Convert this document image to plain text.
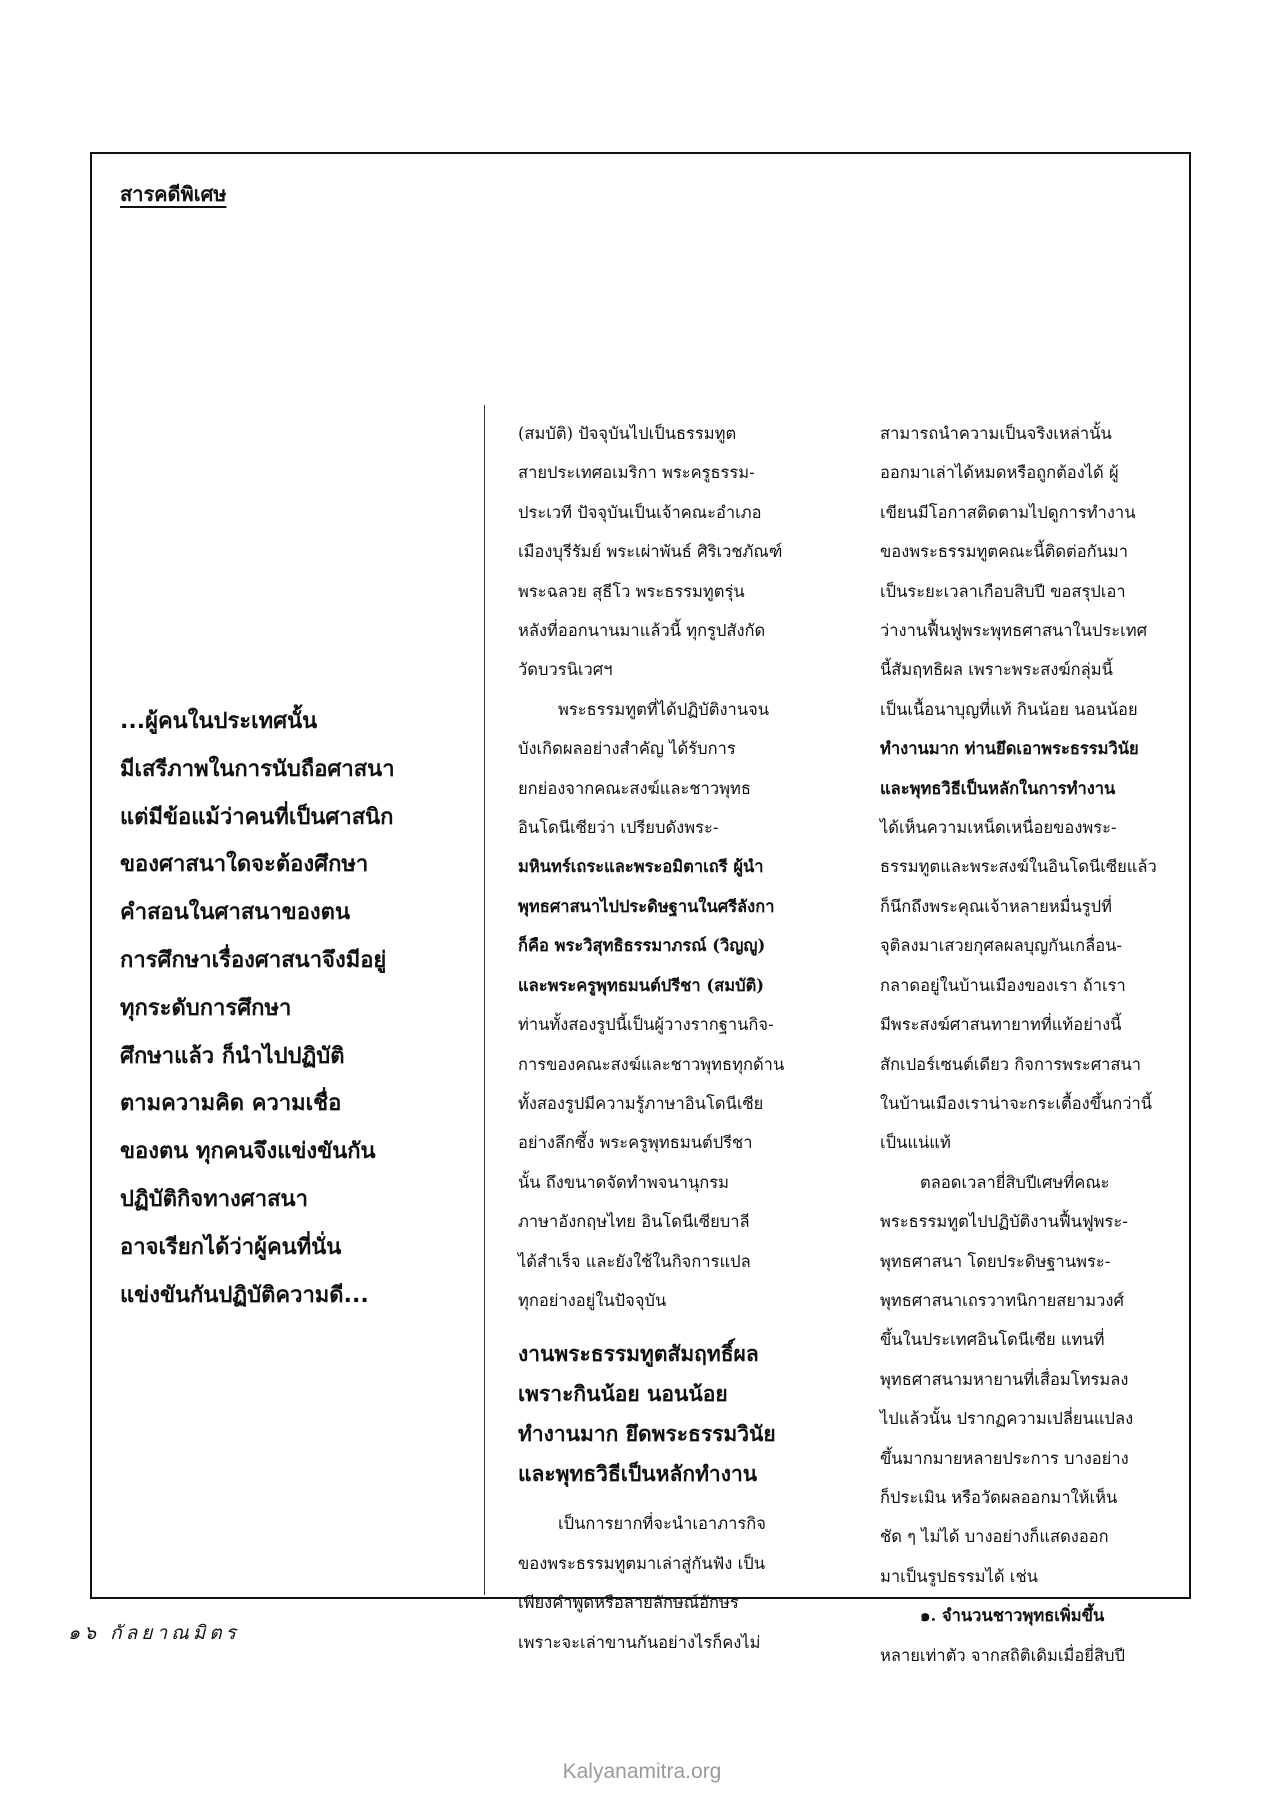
สารคดีพิเศษ
...ผู้คนในประเทศนั้น
มีเสรีภาพในการนับถือศาสนา
แต่มีข้อแม้ว่าคนที่เป็นศาสนิก
ของศาสนาใดจะต้องศึกษา
คำสอนในศาสนาของตน
การศึกษาเรื่องศาสนาจึงมีอยู่
ทุกระดับการศึกษา
ศึกษาแล้ว ก็นำไปปฏิบัติ
ตามความคิด ความเชื่อ
ของตน ทุกคนจึงแข่งขันกัน
ปฏิบัติกิจทางศาสนา
อาจเรียกได้ว่าผู้คนที่นั่น
แข่งขันกันปฏิบัติความดี...
(สมบัติ) ปัจจุบันไปเป็นธรรมทูต
สายประเทศอเมริกา พระครูธรรม-
ประเวที ปัจจุบันเป็นเจ้าคณะอำเภอ
เมืองบุรีรัมย์ พระเผ่าพันธ์ ศิริเวชภัณฑ์
พระฉลวย สุธีโว พระธรรมทูตรุ่น
หลังที่ออกนานมาแล้วนี้ ทุกรูปสังกัด
วัดบวรนิเวศฯ
พระธรรมทูตที่ได้ปฏิบัติงานจน
บังเกิดผลอย่างสำคัญ ได้รับการ
ยกย่องจากคณะสงฆ์และชาวพุทธ
อินโดนีเซียว่า เปรียบดังพระ-
มหินทร์เถระและพระอมิตาเถรี ผู้นำ
พุทธศาสนาไปประดิษฐานในศรีลังกา
ก็คือ พระวิสุทธิธรรมาภรณ์ (วิญญู)
และพระครูพุทธมนต์ปรีชา (สมบัติ)
ท่านทั้งสองรูปนี้เป็นผู้วางรากฐานกิจ-
การของคณะสงฆ์และชาวพุทธทุกด้าน
ทั้งสองรูปมีความรู้ภาษาอินโดนีเซีย
อย่างลึกซึ้ง พระครูพุทธมนต์ปรีชา
นั้น ถึงขนาดจัดทำพจนานุกรม
ภาษาอังกฤษไทย อินโดนีเซียบาลี
ได้สำเร็จ และยังใช้ในกิจการแปล
ทุกอย่างอยู่ในปัจจุบัน
งานพระธรรมทูตสัมฤทธิ์ผล
เพราะกินน้อย นอนน้อย
ทำงานมาก ยึดพระธรรมวินัย
และพุทธวิธีเป็นหลักทำงาน
เป็นการยากที่จะนำเอาภารกิจ
ของพระธรรมทูตมาเล่าสู่กันฟัง เป็น
เพียงคำพูดหรือลายลักษณ์อักษร
เพราะจะเล่าขานกันอย่างไรก็คงไม่
สามารถนำความเป็นจริงเหล่านั้น
ออกมาเล่าได้หมดหรือถูกต้องได้ ผู้
เขียนมีโอกาสติดตามไปดูการทำงาน
ของพระธรรมทูตคณะนี้ติดต่อกันมา
เป็นระยะเวลาเกือบสิบปี ขอสรุปเอา
ว่างานฟื้นฟูพระพุทธศาสนาในประเทศ
นี้สัมฤทธิผล เพราะพระสงฆ์กลุ่มนี้
เป็นเนื้อนาบุญที่แท้ กินน้อย นอนน้อย
ทำงานมาก ท่านยึดเอาพระธรรมวินัย
และพุทธวิธีเป็นหลักในการทำงาน
ได้เห็นความเหน็ดเหนื่อยของพระ-
ธรรมทูตและพระสงฆ์ในอินโดนีเซียแล้ว
ก็นึกถึงพระคุณเจ้าหลายหมื่นรูปที่
จุติลงมาเสวยกุศลผลบุญกันเกลื่อน-
กลาดอยู่ในบ้านเมืองของเรา ถ้าเรา
มีพระสงฆ์ศาสนทายาทที่แท้อย่างนี้
สักเปอร์เซนต์เดียว กิจการพระศาสนา
ในบ้านเมืองเราน่าจะกระเตื้องขึ้นกว่านี้
เป็นแน่แท้
ตลอดเวลายี่สิบปีเศษที่คณะ
พระธรรมทูตไปปฏิบัติงานฟื้นฟูพระ-
พุทธศาสนา โดยประดิษฐานพระ-
พุทธศาสนาเถรวาทนิกายสยามวงศ์
ขึ้นในประเทศอินโดนีเซีย แทนที่
พุทธศาสนามหายานที่เสื่อมโทรมลง
ไปแล้วนั้น ปรากฏความเปลี่ยนแปลง
ขึ้นมากมายหลายประการ บางอย่าง
ก็ประเมิน หรือวัดผลออกมาให้เห็น
ชัด ๆ ไม่ได้ บางอย่างก็แสดงออก
มาเป็นรูปธรรมได้ เช่น
๑. จำนวนชาวพุทธเพิ่มขึ้น
หลายเท่าตัว จากสถิติเดิมเมื่อยี่สิบปี
๑๖ กัลยาณมิตร
Kalyanamitra.org
